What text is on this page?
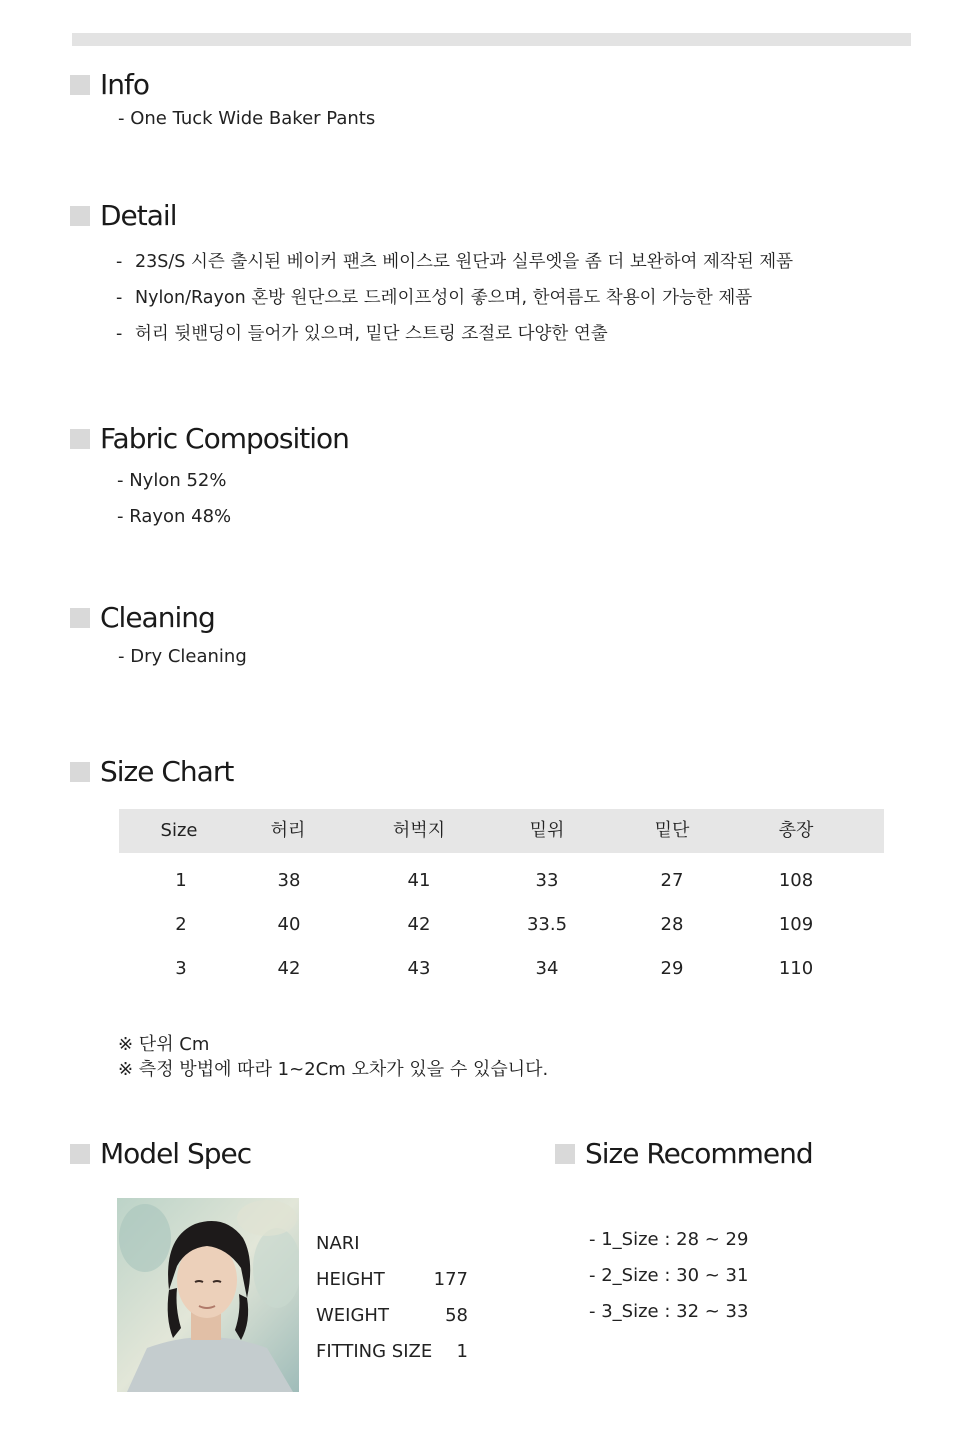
Info
- One Tuck Wide Baker Pants
Detail
- 23S/S 시즌 출시된 베이커 팬츠 베이스로 원단과 실루엣을 좀 더 보완하여 제작된 제품
- Nylon/Rayon 혼방 원단으로 드레이프성이 좋으며, 한여름도 착용이 가능한 제품
- 허리 뒷밴딩이 들어가 있으며, 밑단 스트링 조절로 다양한 연출
Fabric Composition
- Nylon 52%
- Rayon 48%
Cleaning
- Dry Cleaning
Size Chart
Size	허리	허벅지	밑위	밑단	총장
1	38	41	33	27	108
2	40	42	33.5	28	109
3	42	43	34	29	110
※ 단위 Cm
※ 측정 방법에 따라 1~2Cm 오차가 있을 수 있습니다.
Model Spec
NARI
HEIGHT	177
WEIGHT	58
FITTING SIZE	1
Size Recommend
- 1_Size : 28 ~ 29
- 2_Size : 30 ~ 31
- 3_Size : 32 ~ 33
